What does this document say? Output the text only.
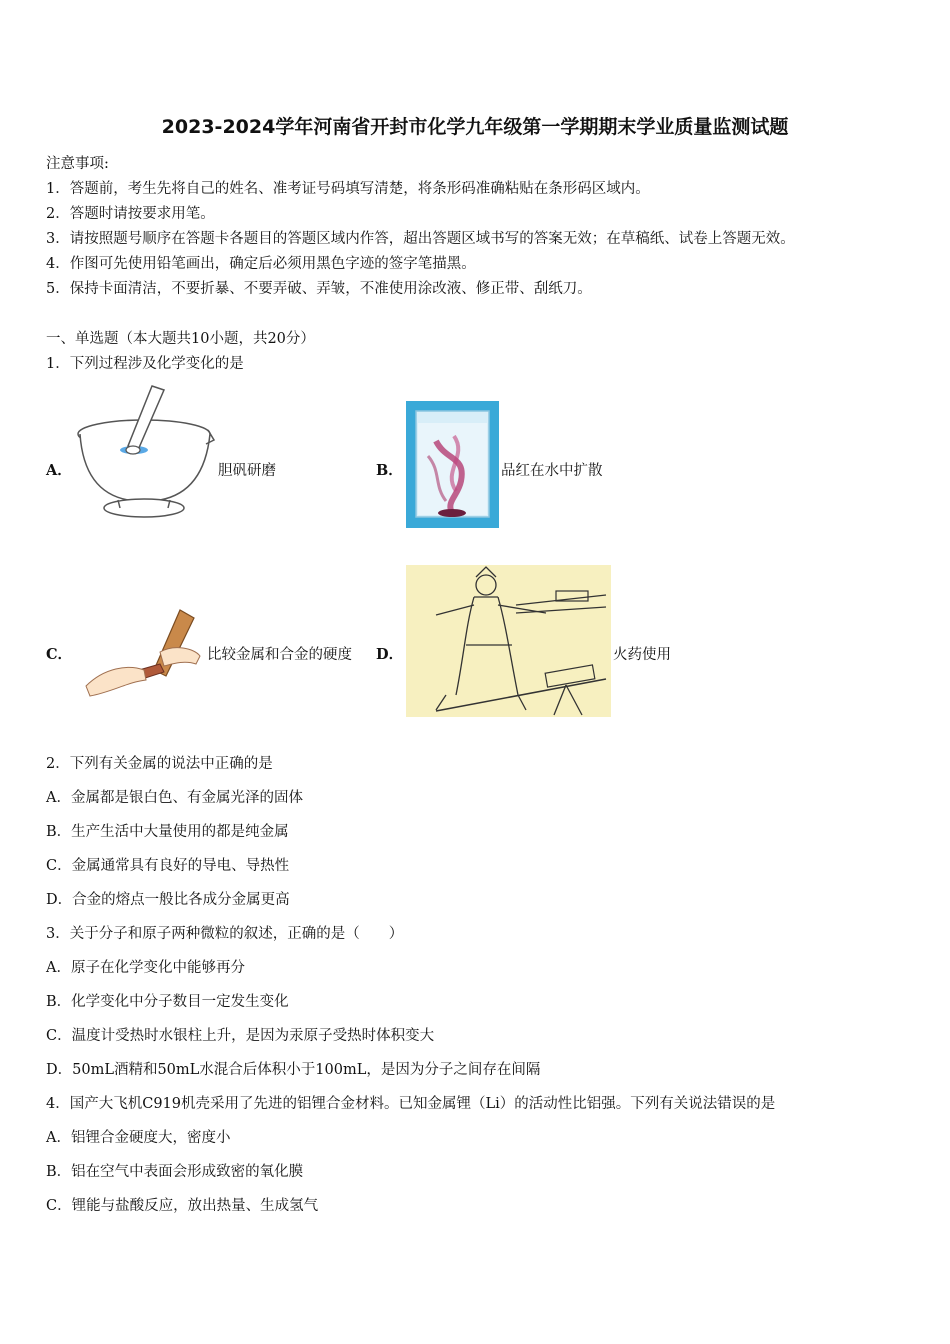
2023-2024学年河南省开封市化学九年级第一学期期末学业质量监测试题
注意事项:
1．答题前，考生先将自己的姓名、准考证号码填写清楚，将条形码准确粘贴在条形码区域内。
2．答题时请按要求用笔。
3．请按照题号顺序在答题卡各题目的答题区域内作答，超出答题区域书写的答案无效；在草稿纸、试卷上答题无效。
4．作图可先使用铅笔画出，确定后必须用黑色字迹的签字笔描黑。
5．保持卡面清洁，不要折暴、不要弄破、弄皱，不准使用涂改液、修正带、刮纸刀。
一、单选题（本大题共10小题，共20分）
1．下列过程涉及化学变化的是
A．	胆矾研磨	B．	品红在水中扩散
C．	比较金属和合金的硬度 D．	火药使用
2．下列有关金属的说法中正确的是
A．金属都是银白色、有金属光泽的固体
B．生产生活中大量使用的都是纯金属
C．金属通常具有良好的导电、导热性
D．合金的熔点一般比各成分金属更高
3．关于分子和原子两种微粒的叙述，正确的是（　　）
A．原子在化学变化中能够再分
B．化学变化中分子数目一定发生变化
C．温度计受热时水银柱上升，是因为汞原子受热时体积变大
D．50mL酒精和50mL水混合后体积小于100mL，是因为分子之间存在间隔
4．国产大飞机C919机壳采用了先进的铝锂合金材料。已知金属锂（Li）的活动性比铝强。下列有关说法错误的是
A．铝锂合金硬度大，密度小
B．铝在空气中表面会形成致密的氧化膜
C．锂能与盐酸反应，放出热量、生成氢气
